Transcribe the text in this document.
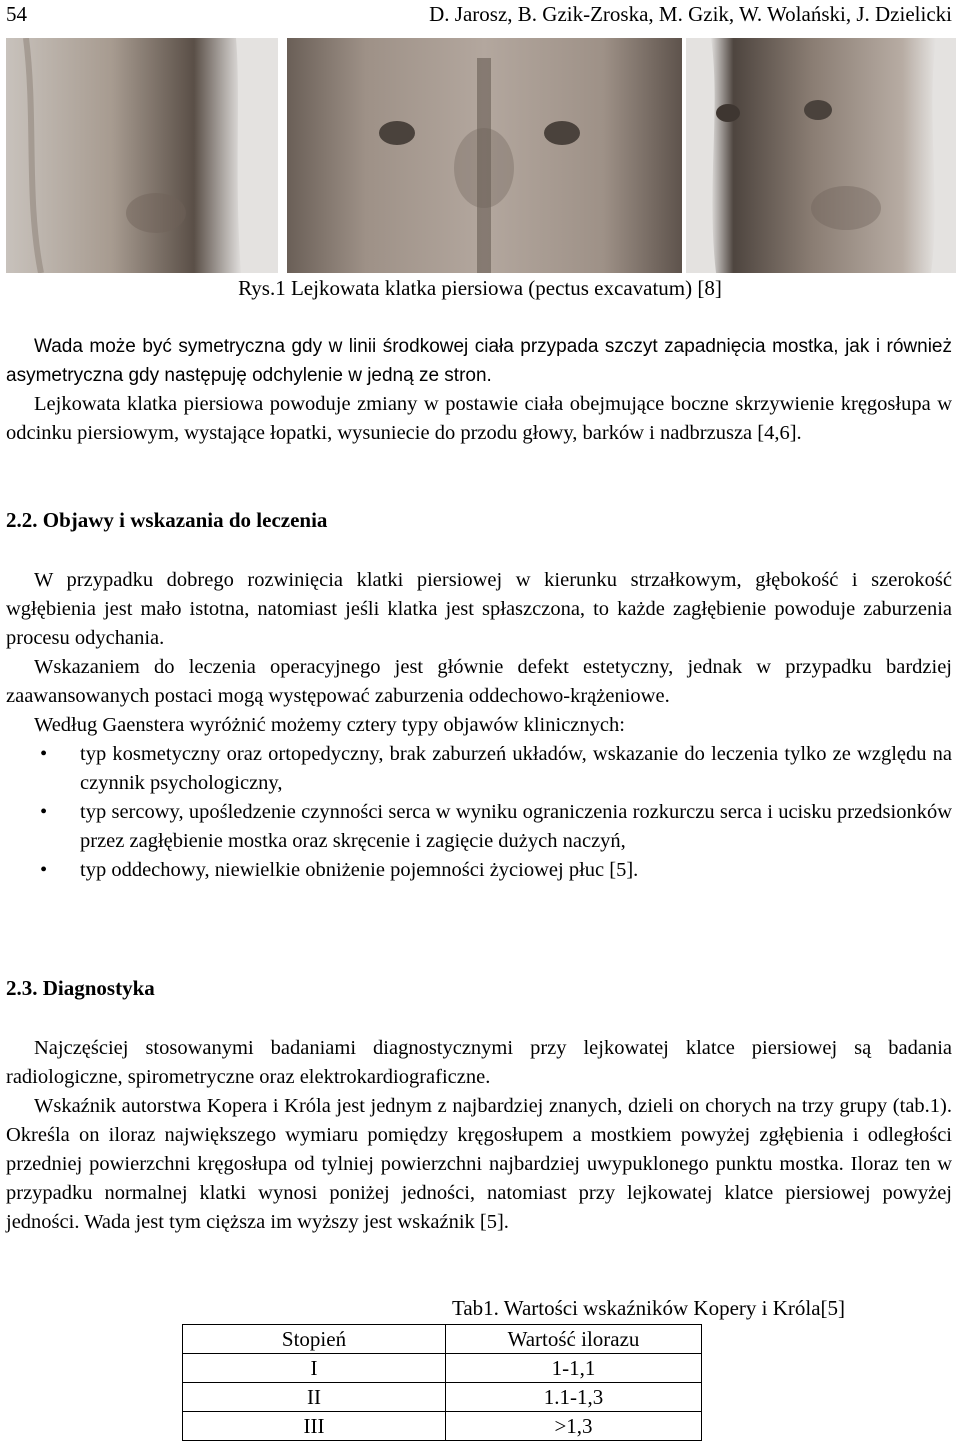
54	D. Jarosz, B. Gzik-Zroska, M. Gzik, W. Wolański, J. Dzielicki
Rys.1 Lejkowata klatka piersiowa (pectus excavatum) [8]

Wada może być symetryczna gdy w linii środkowej ciała przypada szczyt zapadnięcia mostka, jak i również asymetryczna gdy następuję odchylenie w jedną ze stron.

Lejkowata klatka piersiowa powoduje zmiany w postawie ciała obejmujące boczne skrzywienie kręgosłupa w odcinku piersiowym, wystające łopatki, wysuniecie do przodu głowy, barków i nadbrzusza [4,6].

2.2. Objawy i wskazania do leczenia

W przypadku dobrego rozwinięcia klatki piersiowej w kierunku strzałkowym, głębokość i szerokość wgłębienia jest mało istotna, natomiast jeśli klatka jest spłaszczona, to każde zagłębienie powoduje zaburzenia procesu odychania.

Wskazaniem do leczenia operacyjnego jest głównie defekt estetyczny, jednak w przypadku bardziej zaawansowanych postaci mogą występować zaburzenia oddechowo-krążeniowe.

Według Gaenstera wyróżnić możemy cztery typy objawów klinicznych:

• typ kosmetyczny oraz ortopedyczny, brak zaburzeń układów, wskazanie do leczenia tylko ze względu na czynnik psychologiczny,
• typ sercowy, upośledzenie czynności serca w wyniku ograniczenia rozkurczu serca i ucisku przedsionków przez zagłębienie mostka oraz skręcenie i zagięcie dużych naczyń,
• typ oddechowy, niewielkie obniżenie pojemności życiowej płuc [5].
2.3. Diagnostyka

Najczęściej stosowanymi badaniami diagnostycznymi przy lejkowatej klatce piersiowej są badania radiologiczne, spirometryczne oraz elektrokardiograficzne.

Wskaźnik autorstwa Kopera i Króla jest jednym z najbardziej znanych, dzieli on chorych na trzy grupy (tab.1). Określa on iloraz największego wymiaru pomiędzy kręgosłupem a mostkiem powyżej zgłębienia i odległości przedniej powierzchni kręgosłupa od tylniej powierzchni najbardziej uwypuklonego punktu mostka. Iloraz ten w przypadku normalnej klatki wynosi poniżej jedności, natomiast przy lejkowatej klatce piersiowej powyżej jedności. Wada jest tym cięższa im wyższy jest wskaźnik [5].

Tab1. Wartości wskaźników Kopery i Króla[5]
Stopień	Wartość ilorazu
I	1-1,1
II	1.1-1,3
III	>1,3
